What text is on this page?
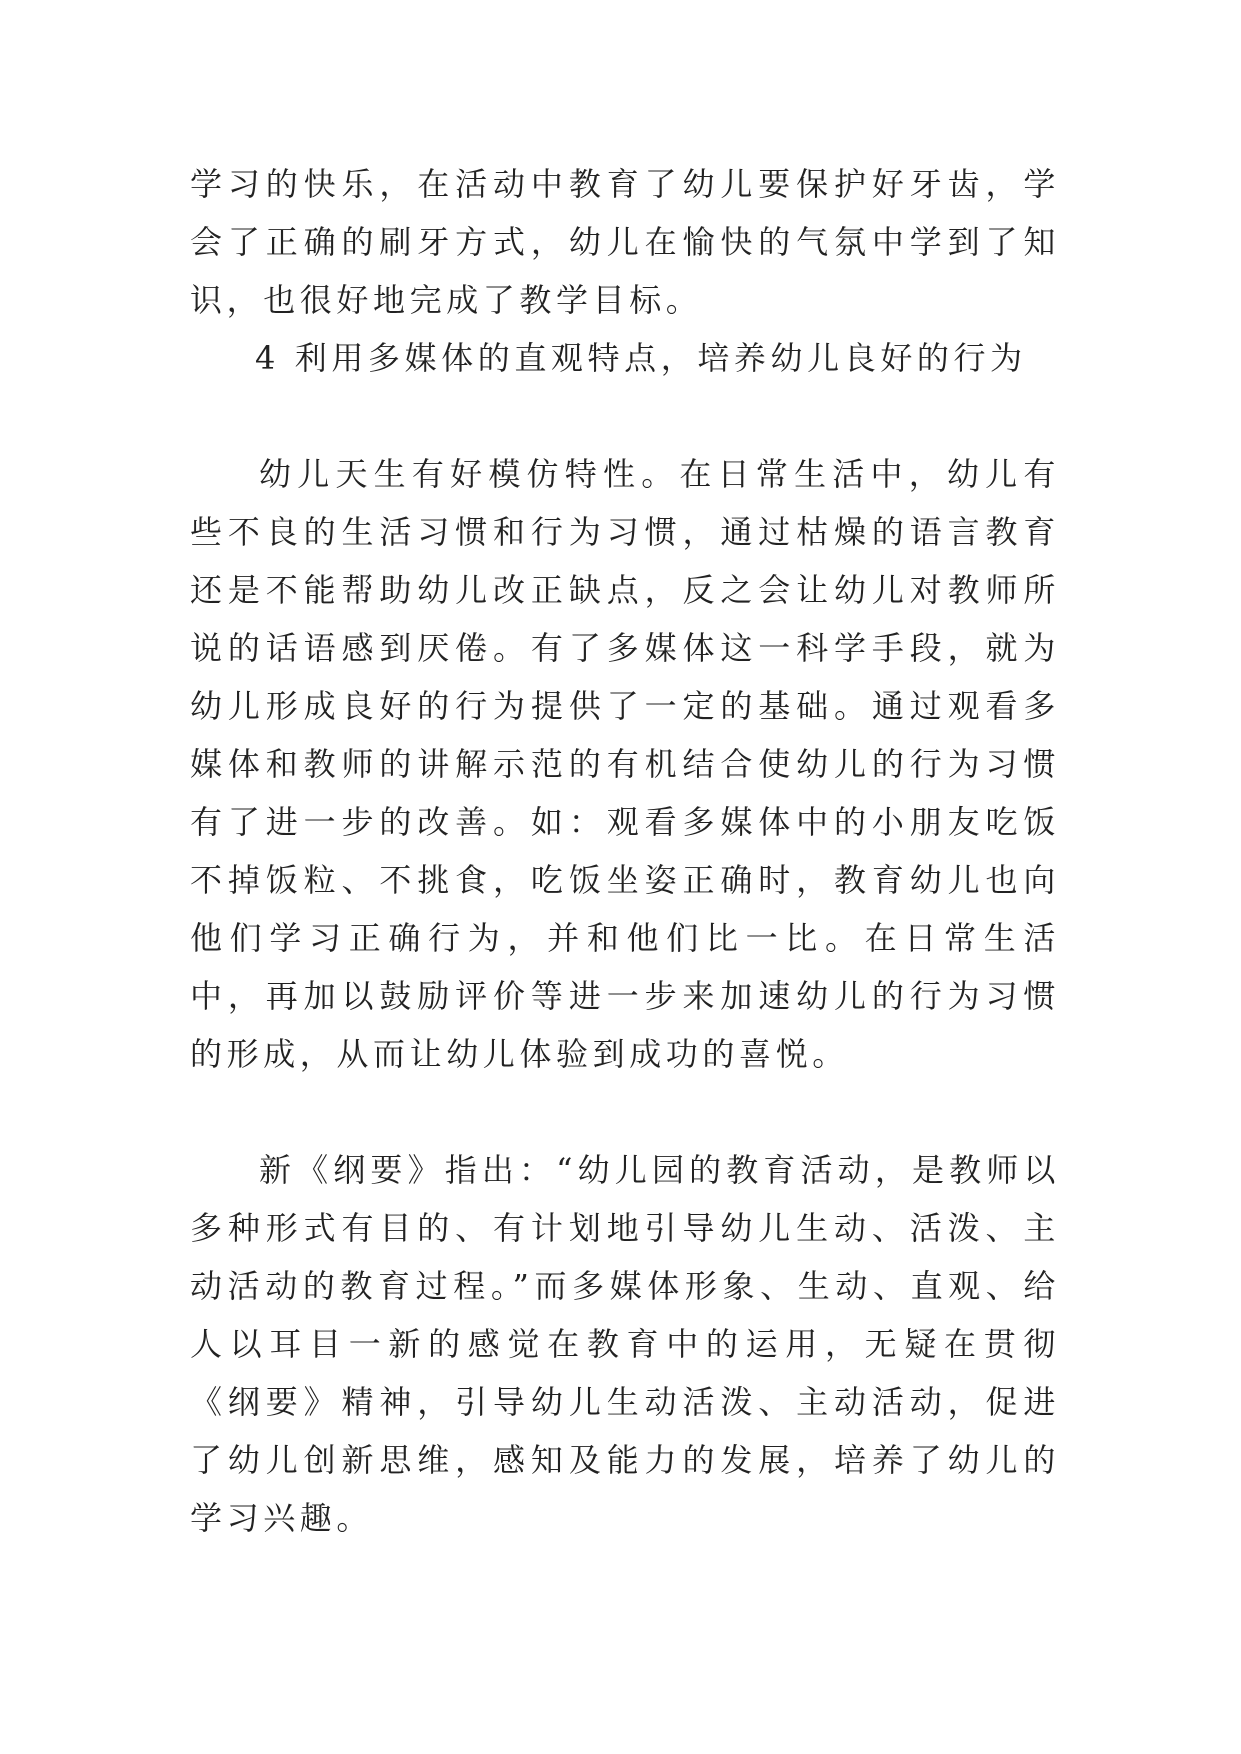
学习的快乐，在活动中教育了幼儿要保护好牙齿，学会了正确的刷牙方式，幼儿在愉快的气氛中学到了知识，也很好地完成了教学目标。

4 利用多媒体的直观特点，培养幼儿良好的行为

幼儿天生有好模仿特性。在日常生活中，幼儿有些不良的生活习惯和行为习惯，通过枯燥的语言教育还是不能帮助幼儿改正缺点，反之会让幼儿对教师所说的话语感到厌倦。有了多媒体这一科学手段，就为幼儿形成良好的行为提供了一定的基础。通过观看多媒体和教师的讲解示范的有机结合使幼儿的行为习惯有了进一步的改善。如：观看多媒体中的小朋友吃饭不掉饭粒、不挑食，吃饭坐姿正确时，教育幼儿也向他们学习正确行为，并和他们比一比。在日常生活中，再加以鼓励评价等进一步来加速幼儿的行为习惯的形成，从而让幼儿体验到成功的喜悦。

新《纲要》指出：“幼儿园的教育活动，是教师以多种形式有目的、有计划地引导幼儿生动、活泼、主动活动的教育过程。”而多媒体形象、生动、直观、给人以耳目一新的感觉在教育中的运用，无疑在贯彻《纲要》精神，引导幼儿生动活泼、主动活动，促进了幼儿创新思维，感知及能力的发展，培养了幼儿的学习兴趣。
